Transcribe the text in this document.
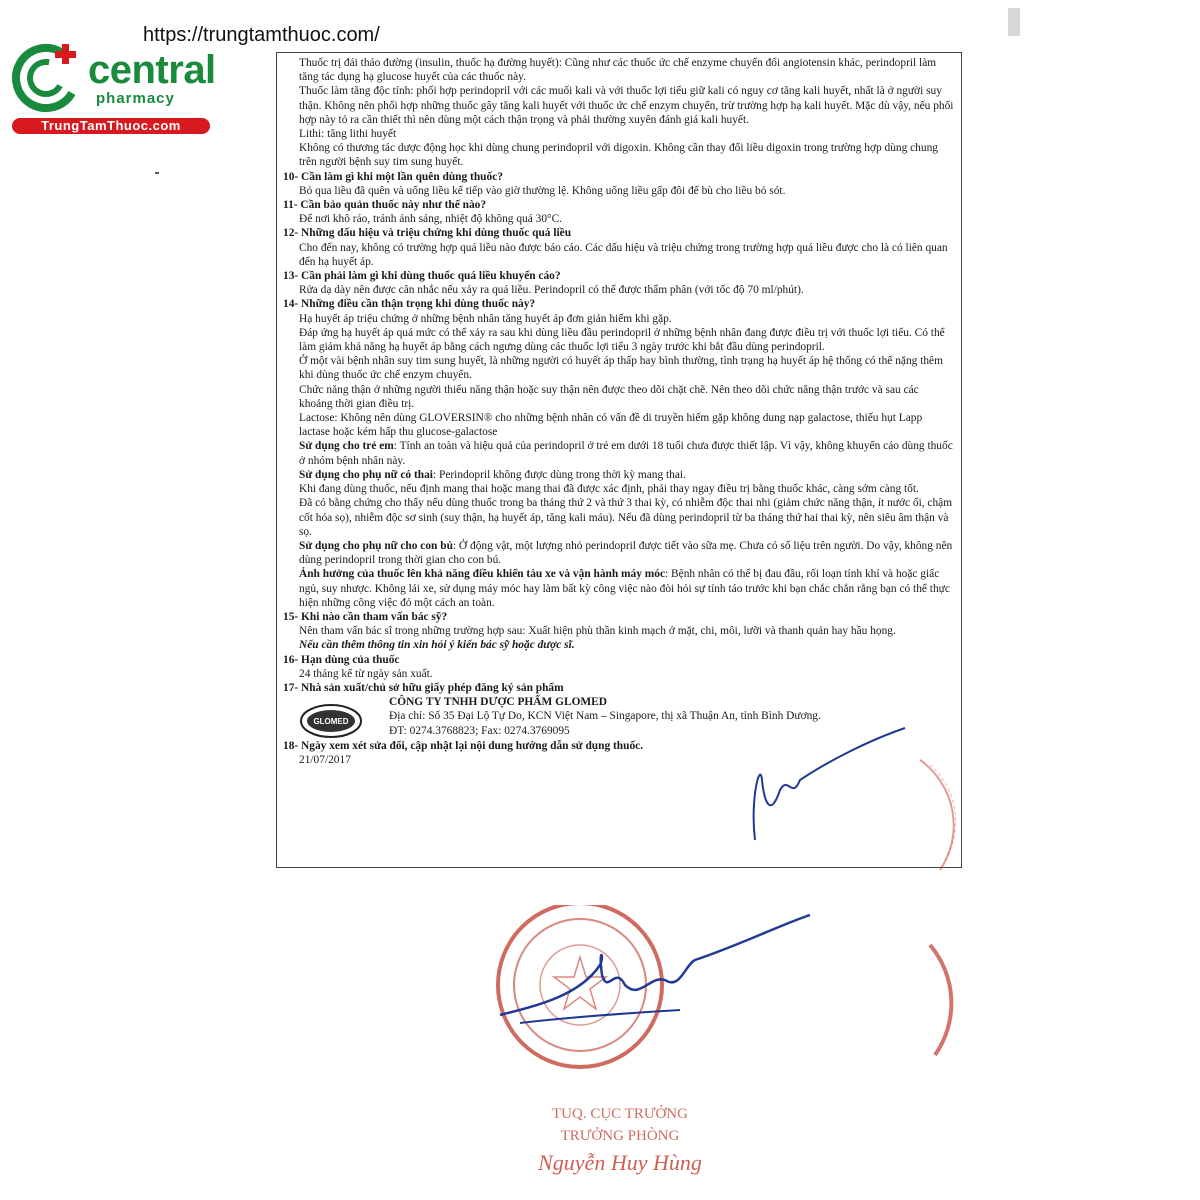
https://trungtamthuoc.com/
central
pharmacy
TrungTamThuoc.com

Thuốc trị đái tháo đường (insulin, thuốc hạ đường huyết): Cũng như các thuốc ức chế enzyme chuyển đổi angiotensin khác, perindopril làm tăng tác dụng hạ glucose huyết của các thuốc này.

Thuốc làm tăng độc tính: phối hợp perindopril với các muối kali và với thuốc lợi tiểu giữ kali có nguy cơ tăng kali huyết, nhất là ở người suy thận. Không nên phối hợp những thuốc gây tăng kali huyết với thuốc ức chế enzym chuyển, trừ trường hợp hạ kali huyết. Mặc dù vậy, nếu phối hợp này tỏ ra cần thiết thì nên dùng một cách thận trọng và phải thường xuyên đánh giá kali huyết.

Lithi: tăng lithi huyết

Không có thương tác dược động học khi dùng chung perindopril với digoxin. Không cần thay đổi liều digoxin trong trường hợp dùng chung trên người bệnh suy tim sung huyết.

10- Cần làm gì khi một lần quên dùng thuốc?

Bỏ qua liều đã quên và uống liều kế tiếp vào giờ thường lệ. Không uống liều gấp đôi để bù cho liều bỏ sót.

11- Cần bảo quản thuốc này như thế nào?

Để nơi khô ráo, tránh ánh sáng, nhiệt độ không quá 30°C.

12- Những dấu hiệu và triệu chứng khi dùng thuốc quá liều

Cho đến nay, không có trường hợp quá liều nào được báo cáo. Các dấu hiệu và triệu chứng trong trường hợp quá liều được cho là có liên quan đến hạ huyết áp.

13- Cần phải làm gì khi dùng thuốc quá liều khuyến cáo?

Rửa dạ dày nên được cân nhắc nếu xảy ra quá liều. Perindopril có thể được thẩm phân (với tốc độ 70 ml/phút).

14- Những điều cần thận trọng khi dùng thuốc này?

Hạ huyết áp triệu chứng ở những bệnh nhân tăng huyết áp đơn giản hiếm khi gặp.

Đáp ứng hạ huyết áp quá mức có thể xảy ra sau khi dùng liều đầu perindopril ở những bệnh nhân đang được điều trị với thuốc lợi tiểu. Có thể làm giảm khả năng hạ huyết áp bằng cách ngưng dùng các thuốc lợi tiểu 3 ngày trước khi bắt đầu dùng perindopril.

Ở một vài bệnh nhân suy tim sung huyết, là những người có huyết áp thấp hay bình thường, tình trạng hạ huyết áp hệ thống có thể nặng thêm khi dùng thuốc ức chế enzym chuyển.

Chức năng thận ở những người thiểu năng thận hoặc suy thận nên được theo dõi chặt chẽ. Nên theo dõi chức năng thận trước và sau các khoảng thời gian điều trị.

Lactose: Không nên dùng GLOVERSIN® cho những bệnh nhân có vấn đề di truyền hiếm gặp không dung nạp galactose, thiếu hụt Lapp lactase hoặc kém hấp thu glucose-galactose

Sử dụng cho trẻ em: Tính an toàn và hiệu quả của perindopril ở trẻ em dưới 18 tuổi chưa được thiết lập. Vì vậy, không khuyến cáo dùng thuốc ở nhóm bệnh nhân này.

Sử dụng cho phụ nữ có thai: Perindopril không được dùng trong thời kỳ mang thai.

Khi đang dùng thuốc, nếu định mang thai hoặc mang thai đã được xác định, phải thay ngay điều trị bằng thuốc khác, càng sớm càng tốt.

Đã có bằng chứng cho thấy nếu dùng thuốc trong ba tháng thứ 2 và thứ 3 thai kỳ, có nhiễm độc thai nhi (giảm chức năng thận, ít nước ối, chậm cốt hóa sọ), nhiễm độc sơ sinh (suy thận, hạ huyết áp, tăng kali máu). Nếu đã dùng perindopril từ ba tháng thứ hai thai kỳ, nên siêu âm thận và sọ.

Sử dụng cho phụ nữ cho con bú: Ở động vật, một lượng nhỏ perindopril được tiết vào sữa mẹ. Chưa có số liệu trên người. Do vậy, không nên dùng perindopril trong thời gian cho con bú.

Ảnh hưởng của thuốc lên khả năng điều khiển tàu xe và vận hành máy móc: Bệnh nhân có thể bị đau đầu, rối loạn tính khí và hoặc giấc ngủ, suy nhược. Không lái xe, sử dụng máy móc hay làm bất kỳ công việc nào đòi hỏi sự tỉnh táo trước khi bạn chắc chắn rằng bạn có thể thực hiện những công việc đó một cách an toàn.

15- Khi nào cần tham vấn bác sỹ?

Nên tham vấn bác sĩ trong những trường hợp sau: Xuất hiện phù thần kinh mạch ở mặt, chi, môi, lưỡi và thanh quản hay hầu họng.

Nếu cần thêm thông tin xin hỏi ý kiến bác sỹ hoặc dược sĩ.

16- Hạn dùng của thuốc

24 tháng kể từ ngày sản xuất.

17- Nhà sản xuất/chủ sở hữu giấy phép đăng ký sản phẩm

GLOMED
CÔNG TY TNHH DƯỢC PHẨM GLOMED
Địa chỉ: Số 35 Đại Lộ Tự Do, KCN Việt Nam – Singapore, thị xã Thuận An, tỉnh Bình Dương.
ĐT: 0274.3768823; Fax: 0274.3769095

18- Ngày xem xét sửa đổi, cập nhật lại nội dung hướng dẫn sử dụng thuốc.

21/07/2017

TUQ. CỤC TRƯỞNG
TRƯỞNG PHÒNG
Nguyễn Huy Hùng
